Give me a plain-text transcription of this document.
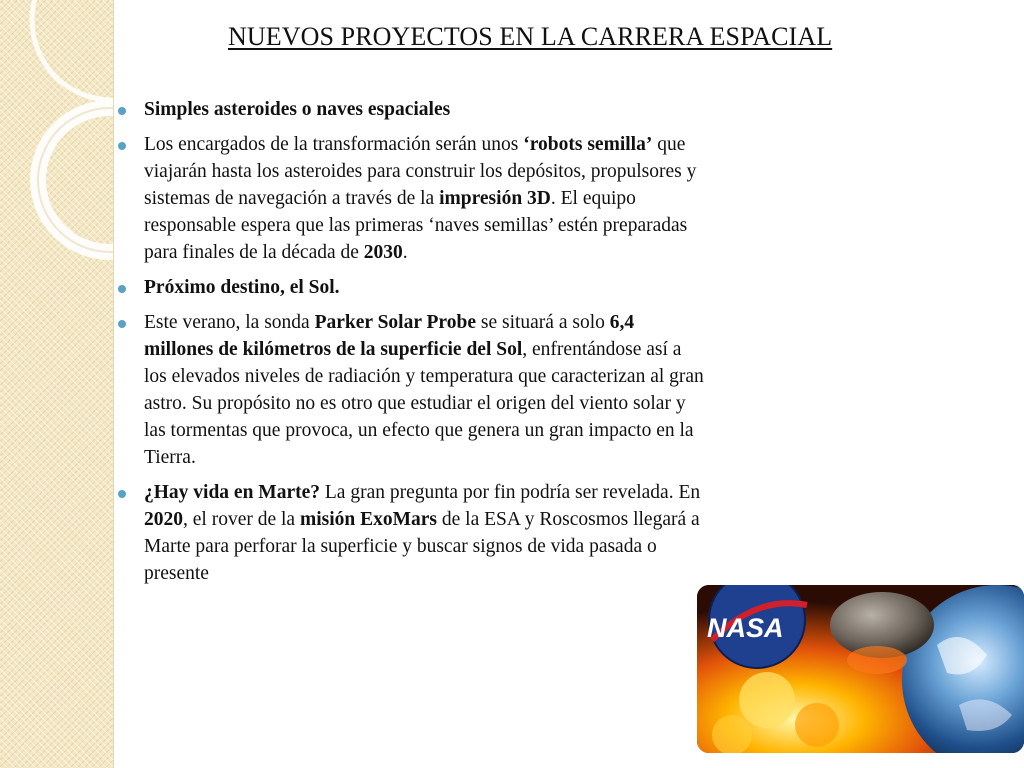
NUEVOS PROYECTOS EN LA CARRERA ESPACIAL
Simples asteroides o naves espaciales
Los encargados de la transformación serán unos ‘robots semilla’ que viajarán hasta los asteroides para construir los depósitos, propulsores y sistemas de navegación a través de la impresión 3D. El equipo responsable espera que las primeras ‘naves semillas’ estén preparadas para finales de la década de 2030.
Próximo destino, el Sol.
Este verano, la sonda Parker Solar Probe se situará a solo 6,4 millones de kilómetros de la superficie del Sol, enfrentándose así a los elevados niveles de radiación y temperatura que caracterizan al gran astro. Su propósito no es otro que estudiar el origen del viento solar y las tormentas que provoca, un efecto que genera un gran impacto en la Tierra.
¿Hay vida en Marte? La gran pregunta por fin podría ser revelada. En 2020, el rover de la misión ExoMars de la ESA y Roscosmos llegará a Marte para perforar la superficie y buscar signos de vida pasada o presente
NASA
